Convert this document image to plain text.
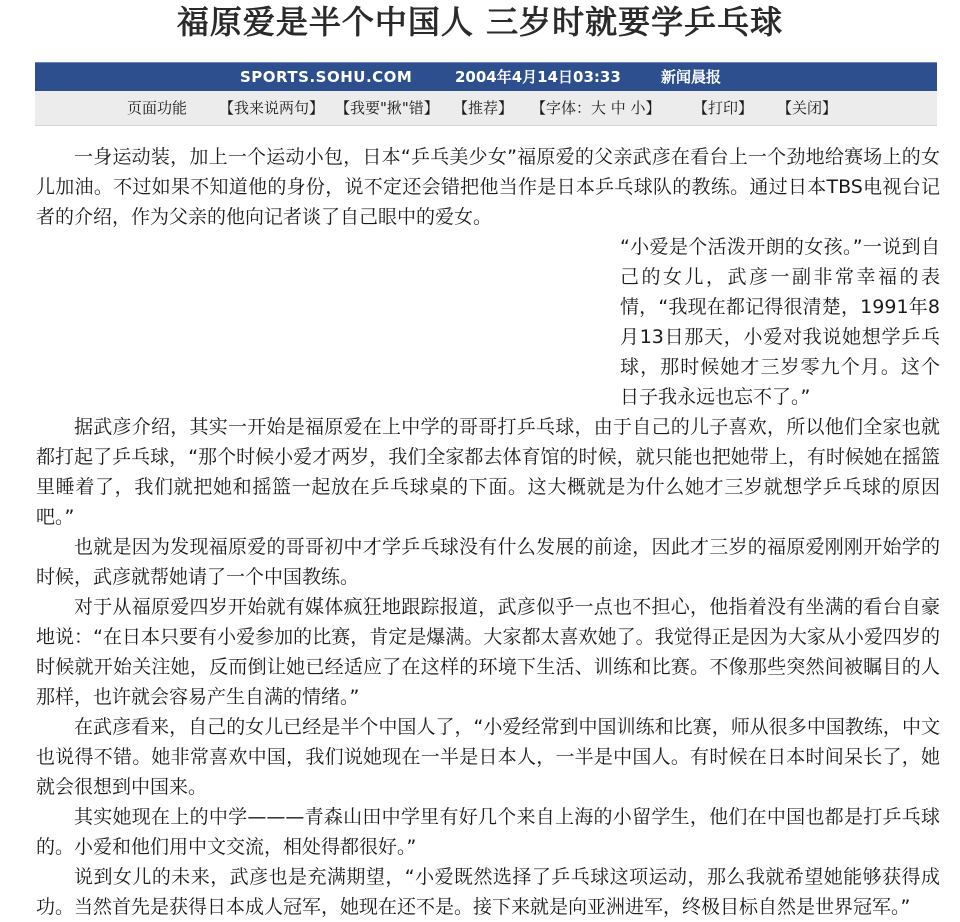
福原爱是半个中国人 三岁时就要学乒乓球
SPORTS.SOHU.COM	2004年4月14日03:33	新闻晨报
页面功能 【我来说两句】 【我要"揪"错】 【推荐】 【字体：大 中 小】 【打印】 【关闭】

一身运动装，加上一个运动小包，日本“乒乓美少女”福原爱的父亲武彦在看台上一个劲地给赛场上的女儿加油。不过如果不知道他的身份，说不定还会错把他当作是日本乒乓球队的教练。通过日本TBS电视台记者的介绍，作为父亲的他向记者谈了自己眼中的爱女。

“小爱是个活泼开朗的女孩。”一说到自己的女儿，武彦一副非常幸福的表情，“我现在都记得很清楚，1991年8月13日那天，小爱对我说她想学乒乓球，那时候她才三岁零九个月。这个日子我永远也忘不了。”

据武彦介绍，其实一开始是福原爱在上中学的哥哥打乒乓球，由于自己的儿子喜欢，所以他们全家也就都打起了乒乓球，“那个时候小爱才两岁，我们全家都去体育馆的时候，就只能也把她带上，有时候她在摇篮里睡着了，我们就把她和摇篮一起放在乒乓球桌的下面。这大概就是为什么她才三岁就想学乒乓球的原因吧。”

也就是因为发现福原爱的哥哥初中才学乒乓球没有什么发展的前途，因此才三岁的福原爱刚刚开始学的时候，武彦就帮她请了一个中国教练。

对于从福原爱四岁开始就有媒体疯狂地跟踪报道，武彦似乎一点也不担心，他指着没有坐满的看台自豪地说：“在日本只要有小爱参加的比赛，肯定是爆满。大家都太喜欢她了。我觉得正是因为大家从小爱四岁的时候就开始关注她，反而倒让她已经适应了在这样的环境下生活、训练和比赛。不像那些突然间被瞩目的人那样，也许就会容易产生自满的情绪。”

在武彦看来，自己的女儿已经是半个中国人了，“小爱经常到中国训练和比赛，师从很多中国教练，中文也说得不错。她非常喜欢中国，我们说她现在一半是日本人，一半是中国人。有时候在日本时间呆长了，她就会很想到中国来。

其实她现在上的中学———青森山田中学里有好几个来自上海的小留学生，他们在中国也都是打乒乓球的。小爱和他们用中文交流，相处得都很好。”

说到女儿的未来，武彦也是充满期望，“小爱既然选择了乒乓球这项运动，那么我就希望她能够获得成功。当然首先是获得日本成人冠军，她现在还不是。接下来就是向亚洲进军，终极目标自然是世界冠军。”
